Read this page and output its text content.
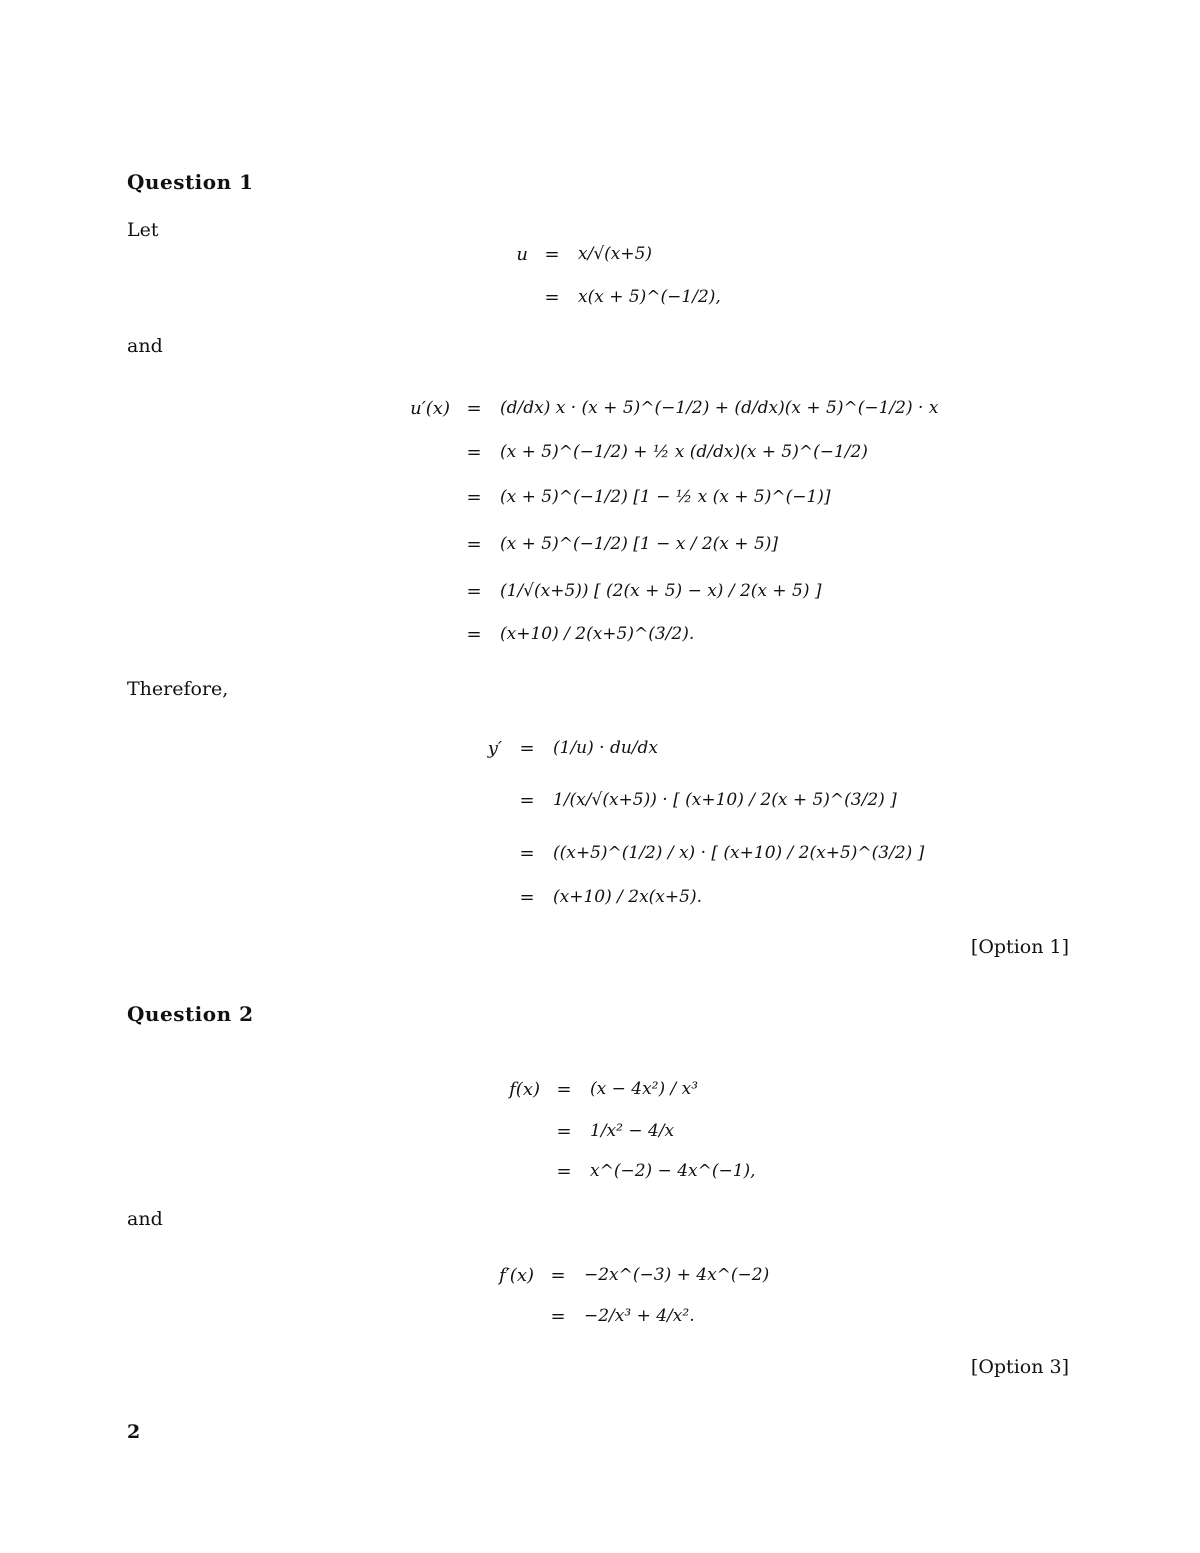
Question 1
Let
u = x/√(x+5)
= x(x + 5)^(−1/2),
and
u′(x) = (d/dx) x · (x + 5)^(−1/2) + (d/dx)(x + 5)^(−1/2) · x
= (x + 5)^(−1/2) + ½ x (d/dx)(x + 5)^(−1/2)
= (x + 5)^(−1/2) [1 − ½ x (x + 5)^(−1)]
= (x + 5)^(−1/2) [1 − x / 2(x + 5)]
= (1/√(x+5)) [ (2(x + 5) − x) / 2(x + 5) ]
= (x+10) / 2(x+5)^(3/2).
Therefore,
y′ = (1/u) · du/dx
= 1/(x/√(x+5)) · [ (x+10) / 2(x + 5)^(3/2) ]
= ((x+5)^(1/2) / x) · [ (x+10) / 2(x+5)^(3/2) ]
= (x+10) / 2x(x+5).
[Option 1]
Question 2
f(x) = (x − 4x²) / x³
= 1/x² − 4/x
= x^(−2) − 4x^(−1),
and
f′(x) = −2x^(−3) + 4x^(−2)
= −2/x³ + 4/x².
[Option 3]
2
